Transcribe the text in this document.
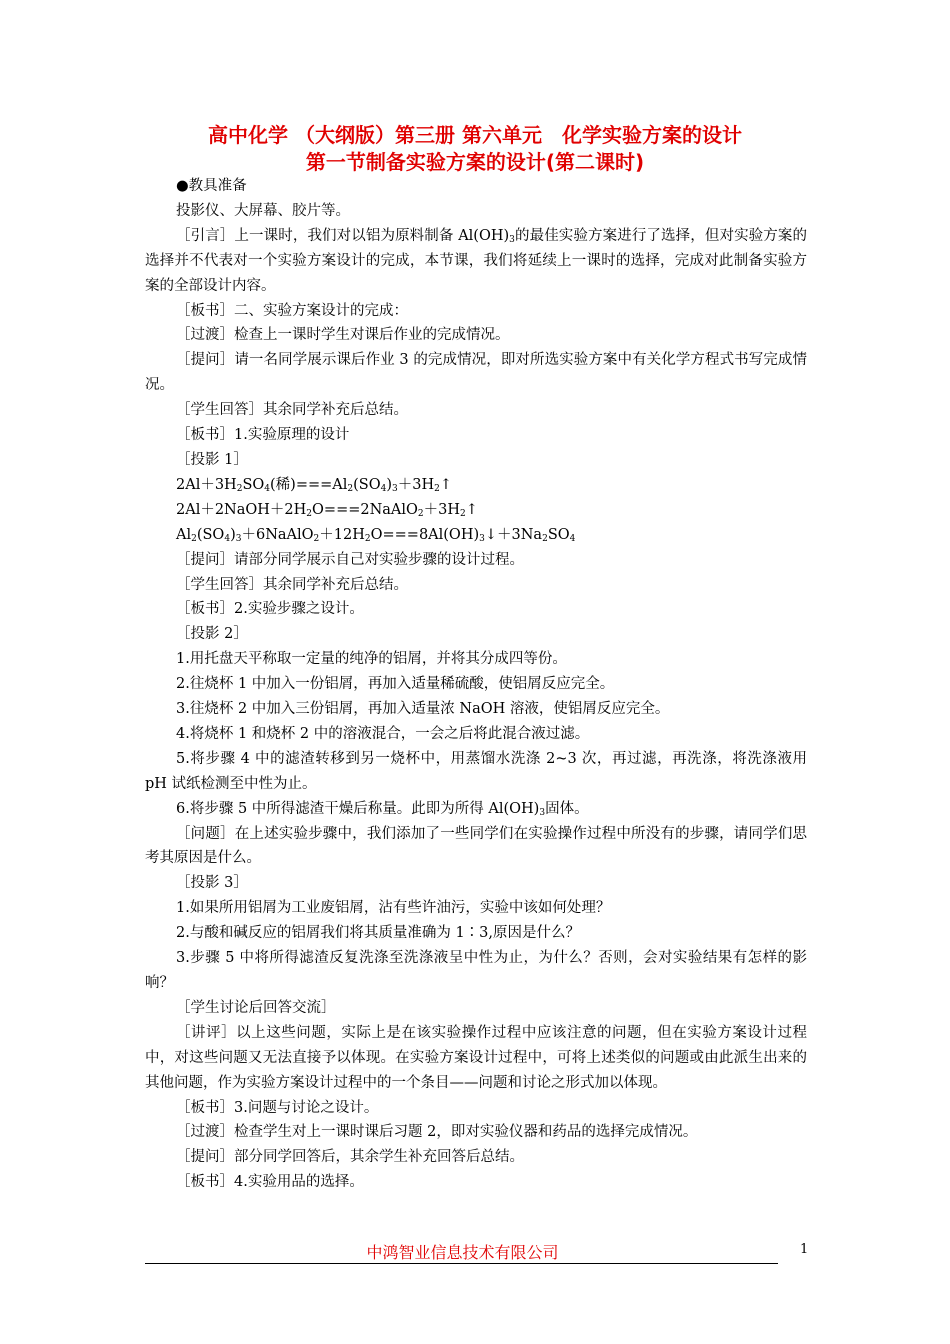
高中化学 （大纲版）第三册 第六单元　化学实验方案的设计
第一节制备实验方案的设计(第二课时)

●教具准备

投影仪、大屏幕、胶片等。

［引言］上一课时，我们对以铝为原料制备 $Al(OH)_3$的最佳实验方案进行了选择，但对实验方案的选择并不代表对一个实验方案设计的完成，本节课，我们将延续上一课时的选择，完成对此制备实验方案的全部设计内容。

［板书］二、实验方案设计的完成：

［过渡］检查上一课时学生对课后作业的完成情况。

［提问］请一名同学展示课后作业 3 的完成情况，即对所选实验方案中有关化学方程式书写完成情况。

［学生回答］其余同学补充后总结。

［板书］1.实验原理的设计

［投影 1］

$2Al+3H_2SO_4$(稀)$===Al_2(SO_4)_3+3H_2↑$

$2Al+2NaOH+2H_2O===2NaAlO_2+3H_2↑$

$Al_2(SO_4)_3+6NaAlO_2+12H_2O===8Al(OH)_3↓+3Na_2SO_4$

［提问］请部分同学展示自己对实验步骤的设计过程。

［学生回答］其余同学补充后总结。

［板书］2.实验步骤之设计。

［投影 2］

1.用托盘天平称取一定量的纯净的铝屑，并将其分成四等份。

2.往烧杯 1 中加入一份铝屑，再加入适量稀硫酸，使铝屑反应完全。

3.往烧杯 2 中加入三份铝屑，再加入适量浓 NaOH 溶液，使铝屑反应完全。

4.将烧杯 1 和烧杯 2 中的溶液混合，一会之后将此混合液过滤。

5.将步骤 4 中的滤渣转移到另一烧杯中，用蒸馏水洗涤 2~3 次，再过滤，再洗涤，将洗涤液用 pH 试纸检测至中性为止。

6.将步骤 5 中所得滤渣干燥后称量。此即为所得 $Al(OH)_3$固体。

［问题］在上述实验步骤中，我们添加了一些同学们在实验操作过程中所没有的步骤，请同学们思考其原因是什么。

［投影 3］

1.如果所用铝屑为工业废铝屑，沾有些许油污，实验中该如何处理？

2.与酸和碱反应的铝屑我们将其质量准确为 1∶3,原因是什么？

3.步骤 5 中将所得滤渣反复洗涤至洗涤液呈中性为止，为什么？否则，会对实验结果有怎样的影响？

［学生讨论后回答交流］

［讲评］以上这些问题，实际上是在该实验操作过程中应该注意的问题，但在实验方案设计过程中，对这些问题又无法直接予以体现。在实验方案设计过程中，可将上述类似的问题或由此派生出来的其他问题，作为实验方案设计过程中的一个条目——问题和讨论之形式加以体现。

［板书］3.问题与讨论之设计。

［过渡］检查学生对上一课时课后习题 2，即对实验仪器和药品的选择完成情况。

［提问］部分同学回答后，其余学生补充回答后总结。

［板书］4.实验用品的选择。

中鸿智业信息技术有限公司	1
